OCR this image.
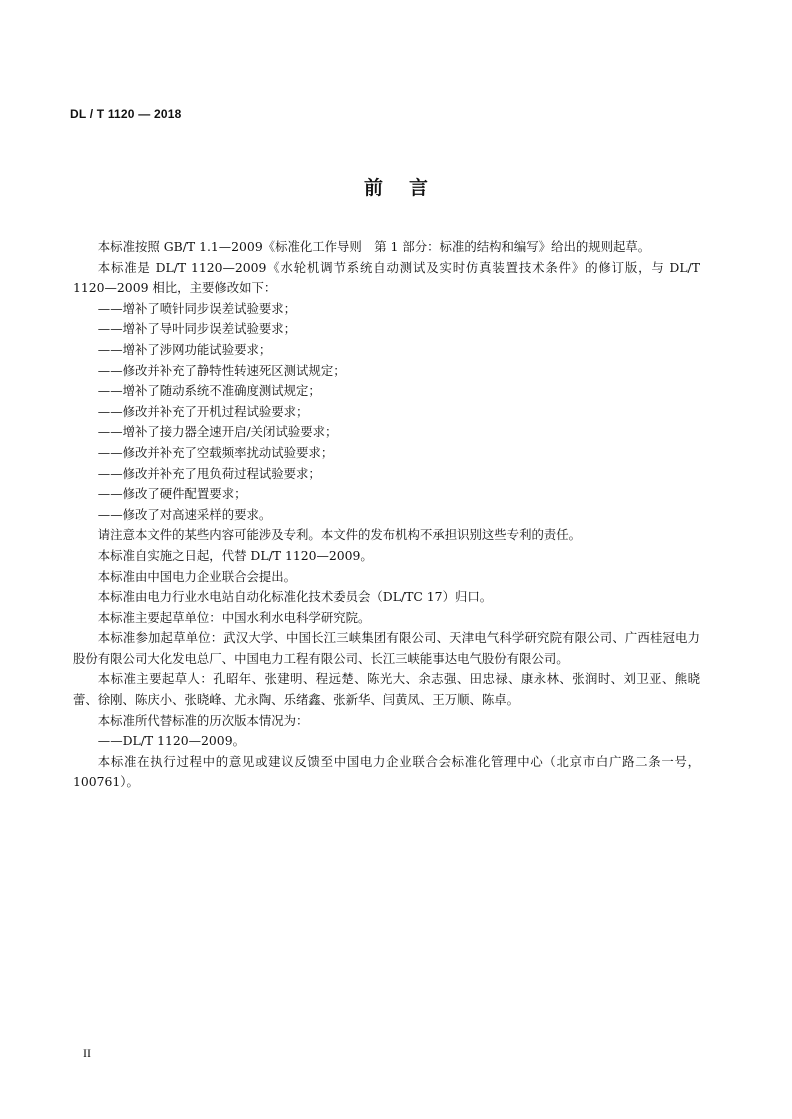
DL / T 1120 — 2018
前言

本标准按照 GB/T 1.1—2009《标准化工作导则　第 1 部分：标准的结构和编写》给出的规则起草。

本标准是 DL/T 1120—2009《水轮机调节系统自动测试及实时仿真装置技术条件》的修订版，与 DL/T 1120—2009 相比，主要修改如下：

——增补了喷针同步误差试验要求；

——增补了导叶同步误差试验要求；

——增补了涉网功能试验要求；

——修改并补充了静特性转速死区测试规定；

——增补了随动系统不准确度测试规定；

——修改并补充了开机过程试验要求；

——增补了接力器全速开启/关闭试验要求；

——修改并补充了空载频率扰动试验要求；

——修改并补充了甩负荷过程试验要求；

——修改了硬件配置要求；

——修改了对高速采样的要求。

请注意本文件的某些内容可能涉及专利。本文件的发布机构不承担识别这些专利的责任。

本标准自实施之日起，代替 DL/T 1120—2009。

本标准由中国电力企业联合会提出。

本标准由电力行业水电站自动化标准化技术委员会（DL/TC 17）归口。

本标准主要起草单位：中国水利水电科学研究院。

本标准参加起草单位：武汉大学、中国长江三峡集团有限公司、天津电气科学研究院有限公司、广西桂冠电力股份有限公司大化发电总厂、中国电力工程有限公司、长江三峡能事达电气股份有限公司。

本标准主要起草人：孔昭年、张建明、程远楚、陈光大、余志强、田忠禄、康永林、张润时、刘卫亚、熊晓蕾、徐刚、陈庆小、张晓峰、尤永陶、乐绪鑫、张新华、闫黄凤、王万顺、陈卓。

本标准所代替标准的历次版本情况为：

——DL/T 1120—2009。

本标准在执行过程中的意见或建议反馈至中国电力企业联合会标准化管理中心（北京市白广路二条一号，100761）。

II
